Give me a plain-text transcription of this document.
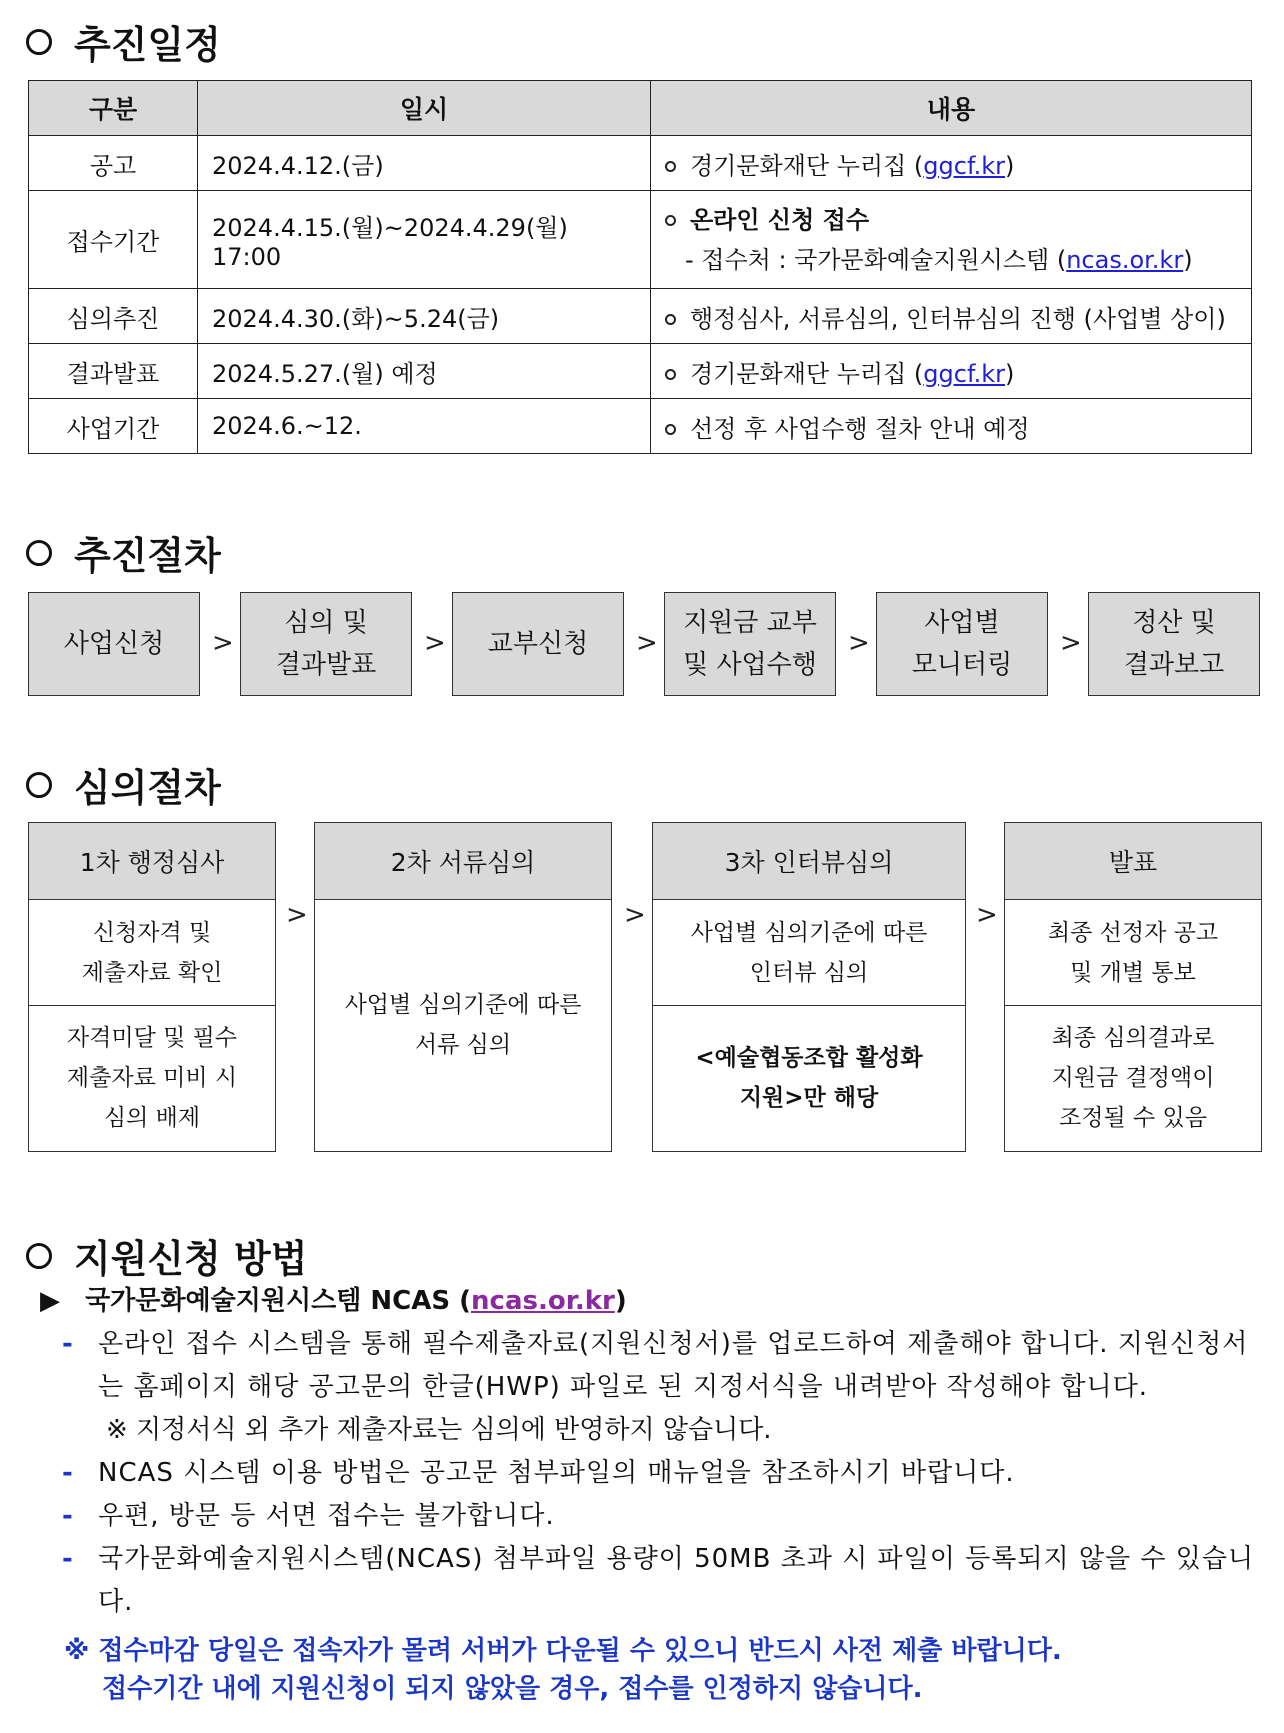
추진일정
구분	일시	내용
공고	2024.4.12.(금)	경기문화재단 누리집 (ggcf.kr)
접수기간	2024.4.15.(월)~2024.4.29(월) 17:00	온라인 신청 접수
- 접수처 : 국가문화예술지원시스템 (ncas.or.kr)

심의추진	2024.4.30.(화)~5.24(금)	행정심사, 서류심의, 인터뷰심의 진행 (사업별 상이)
결과발표	2024.5.27.(월) 예정	경기문화재단 누리집 (ggcf.kr)
사업기간	2024.6.~12.	선정 후 사업수행 절차 안내 예정
추진절차
사업신청 >
심의 및
결과발표
> 교부신청 >
지원금 교부
및 사업수행
>
사업별
모니터링
>
정산 및
결과보고
심의절차
1차 행정심사
신청자격 및
제출자료 확인
자격미달 및 필수
제출자료 미비 시
심의 배제
>
2차 서류심의
사업별 심의기준에 따른
서류 심의
>
3차 인터뷰심의
사업별 심의기준에 따른
인터뷰 심의
<예술협동조합 활성화
지원>만 해당
>
발표
최종 선정자 공고
및 개별 통보
최종 심의결과로
지원금 결정액이
조정될 수 있음
지원신청 방법
▶ 국가문화예술지원시스템 NCAS (ncas.or.kr)
- 온라인 접수 시스템을 통해 필수제출자료(지원신청서)를 업로드하여 제출해야 합니다. 지원신청서는 홈페이지 해당 공고문의 한글(HWP) 파일로 된 지정서식을 내려받아 작성해야 합니다.
※ 지정서식 외 추가 제출자료는 심의에 반영하지 않습니다.
- NCAS 시스템 이용 방법은 공고문 첨부파일의 매뉴얼을 참조하시기 바랍니다.
- 우편, 방문 등 서면 접수는 불가합니다.
- 국가문화예술지원시스템(NCAS) 첨부파일 용량이 50MB 초과 시 파일이 등록되지 않을 수 있습니다.
※ 접수마감 당일은 접속자가 몰려 서버가 다운될 수 있으니 반드시 사전 제출 바랍니다.
접수기간 내에 지원신청이 되지 않았을 경우, 접수를 인정하지 않습니다.
